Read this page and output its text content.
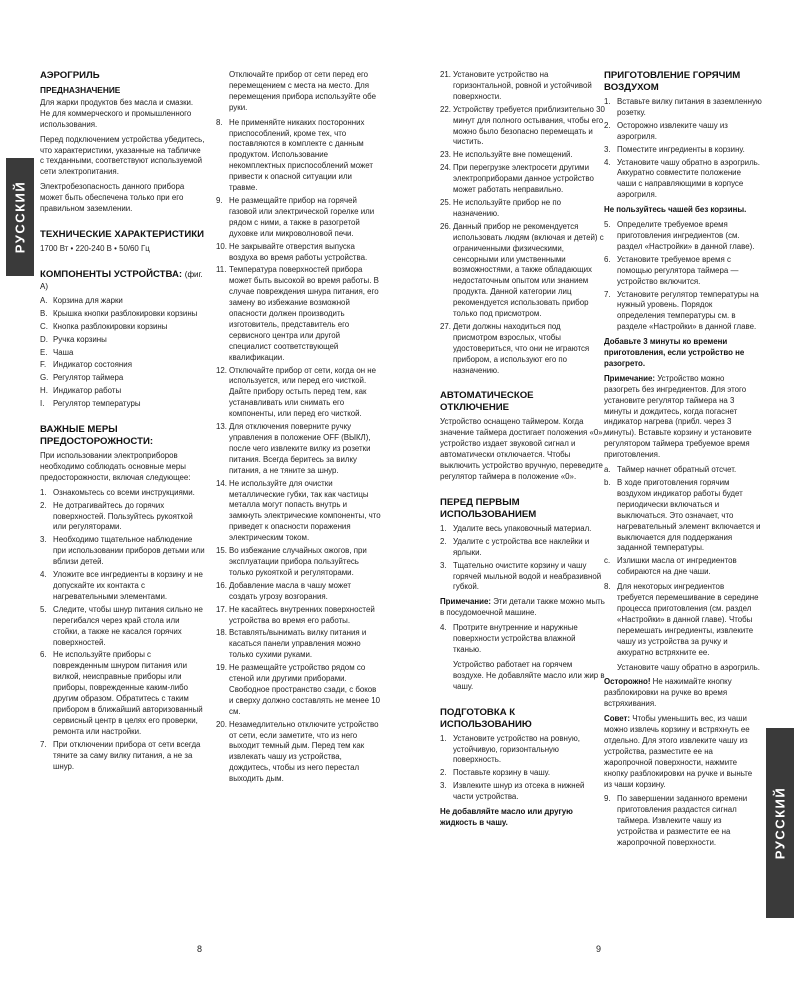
РУССКИЙ
РУССКИЙ
АЭРОГРИЛЬ
ПРЕДНАЗНАЧЕНИЕ

Для жарки продуктов без масла и смазки. Не для коммерческого и промышленного использования.

Перед подключением устройства убедитесь, что характеристики, указанные на табличке с техданными, соответствуют используемой сети электропитания.

Электробезопасность данного прибора может быть обеспечена только при его правильном заземлении.

ТЕХНИЧЕСКИЕ ХАРАКТЕРИСТИКИ

1700 Вт • 220-240 В • 50/60 Гц

КОМПОНЕНТЫ УСТРОЙСТВА: (фиг. А)
A. Корзина для жарки
B. Крышка кнопки разблокировки корзины
C. Кнопка разблокировки корзины
D. Ручка корзины
E. Чаша
F. Индикатор состояния
G. Регулятор таймера
H. Индикатор работы
I. Регулятор температуры
ВАЖНЫЕ МЕРЫ ПРЕДОСТОРОЖНОСТИ:

При использовании электроприборов необходимо соблюдать основные меры предосторожности, включая следующее:

1. Ознакомьтесь со всеми инструкциями.
2. Не дотрагивайтесь до горячих поверхностей. Пользуйтесь рукояткой или регуляторами.
3. Необходимо тщательное наблюдение при использовании приборов детьми или вблизи детей.
4. Уложите все ингредиенты в корзину и не допускайте их контакта с нагревательными элементами.
5. Следите, чтобы шнур питания сильно не перегибался через край стола или стойки, а также не касался горячих поверхностей.
6. Не используйте приборы с поврежденным шнуром питания или вилкой, неисправные приборы или приборы, поврежденные каким-либо другим образом. Обратитесь с таким прибором в ближайший авторизованный сервисный центр в целях его проверки, ремонта или настройки.
7. При отключении прибора от сети всегда тяните за саму вилку питания, а не за шнур.

Отключайте прибор от сети перед его перемещением с места на место. Для перемещения прибора используйте обе руки.

8. Не применяйте никаких посторонних приспособлений, кроме тех, что поставляются в комплекте с данным продуктом. Использование некомплектных приспособлений может привести к опасной ситуации или травме.
9. Не размещайте прибор на горячей газовой или электрической горелке или рядом с ними, а также в разогретой духовке или микроволновой печи.
10. Не закрывайте отверстия выпуска воздуха во время работы устройства.
11. Температура поверхностей прибора может быть высокой во время работы. В случае повреждения шнура питания, его замену во избежание возможной опасности должен производить изготовитель, представитель его сервисного центра или другой специалист соответствующей квалификации.
12. Отключайте прибор от сети, когда он не используется, или перед его чисткой. Дайте прибору остыть перед тем, как устанавливать или снимать его компоненты, или перед его чисткой.
13. Для отключения поверните ручку управления в положение OFF (ВЫКЛ), после чего извлеките вилку из розетки питания. Всегда беритесь за вилку питания, а не тяните за шнур.
14. Не используйте для очистки металлические губки, так как частицы металла могут попасть внутрь и замкнуть электрические компоненты, что приведет к опасности поражения электрическим током.
15. Во избежание случайных ожогов, при эксплуатации прибора пользуйтесь только рукояткой и регуляторами.
16. Добавление масла в чашу может создать угрозу возгорания.
17. Не касайтесь внутренних поверхностей устройства во время его работы.
18. Вставлять/вынимать вилку питания и касаться панели управления можно только сухими руками.
19. Не размещайте устройство рядом со стеной или другими приборами. Свободное пространство сзади, с боков и сверху должно составлять не менее 10 см.
20. Незамедлительно отключите устройство от сети, если заметите, что из него выходит темный дым. Перед тем как извлекать чашу из устройства, дождитесь, чтобы из него перестал выходить дым.
21. Установите устройство на горизонтальной, ровной и устойчивой поверхности.
22. Устройству требуется приблизительно 30 минут для полного остывания, чтобы его можно было безопасно перемещать и чистить.
23. Не используйте вне помещений.
24. При перегрузке электросети другими электроприборами данное устройство может работать неправильно.
25. Не используйте прибор не по назначению.
26. Данный прибор не рекомендуется использовать людям (включая и детей) с ограниченными физическими, сенсорными или умственными возможностями, а также обладающих недостаточным опытом или знанием продукта. Данной категории лиц рекомендуется использовать прибор только под присмотром.
27. Дети должны находиться под присмотром взрослых, чтобы удостовериться, что они не играются прибором, а используют его по назначению.
АВТОМАТИЧЕСКОЕ ОТКЛЮЧЕНИЕ

Устройство оснащено таймером. Когда значение таймера достигает положения «0», устройство издает звуковой сигнал и автоматически отключается. Чтобы выключить устройство вручную, переведите регулятор таймера в положение «0».

ПЕРЕД ПЕРВЫМ ИСПОЛЬЗОВАНИЕМ
1. Удалите весь упаковочный материал.
2. Удалите с устройства все наклейки и ярлыки.
3. Тщательно очистите корзину и чашу горячей мыльной водой и неабразивной губкой.

Примечание: Эти детали также можно мыть в посудомоечной машине.

4. Протрите внутренние и наружные поверхности устройства влажной тканью.

Устройство работает на горячем воздухе. Не добавляйте масло или жир в чашу.

ПОДГОТОВКА К ИСПОЛЬЗОВАНИЮ
1. Установите устройство на ровную, устойчивую, горизонтальную поверхность.
2. Поставьте корзину в чашу.
3. Извлеките шнур из отсека в нижней части устройства.

Не добавляйте масло или другую жидкость в чашу.

ПРИГОТОВЛЕНИЕ ГОРЯЧИМ ВОЗДУХОМ
1. Вставьте вилку питания в заземленную розетку.
2. Осторожно извлеките чашу из аэрогриля.
3. Поместите ингредиенты в корзину.
4. Установите чашу обратно в аэрогриль. Аккуратно совместите положение чаши с направляющими в корпусе аэрогриля.

Не пользуйтесь чашей без корзины.

5. Определите требуемое время приготовления ингредиентов (см. раздел «Настройки» в данной главе).
6. Установите требуемое время с помощью регулятора таймера — устройство включится.
7. Установите регулятор температуры на нужный уровень. Порядок определения температуры см. в разделе «Настройки» в данной главе.

Добавьте 3 минуты ко времени приготовления, если устройство не разогрето.

Примечание: Устройство можно разогреть без ингредиентов. Для этого установите регулятор таймера на 3 минуты и дождитесь, когда погаснет индикатор нагрева (прибл. через 3 минуты). Вставьте корзину и установите регулятором таймера требуемое время приготовления.

a. Таймер начнет обратный отсчет.
b. В ходе приготовления горячим воздухом индикатор работы будет периодически включаться и выключаться. Это означает, что нагревательный элемент включается и выключается для поддержания заданной температуры.
c. Излишки масла от ингредиентов собираются на дне чаши.
8. Для некоторых ингредиентов требуется перемешивание в середине процесса приготовления (см. раздел «Настройки» в данной главе). Чтобы перемешать ингредиенты, извлеките чашу из устройства за ручку и аккуратно встряхните ее.

Установите чашу обратно в аэрогриль.

Осторожно! Не нажимайте кнопку разблокировки на ручке во время встряхивания.

Совет: Чтобы уменьшить вес, из чаши можно извлечь корзину и встряхнуть ее отдельно. Для этого извлеките чашу из устройства, разместите ее на жаропрочной поверхности, нажмите кнопку разблокировки на ручке и выньте из чаши корзину.

9. По завершении заданного времени приготовления раздастся сигнал таймера. Извлеките чашу из устройства и разместите ее на жаропрочной поверхности.
8	9
